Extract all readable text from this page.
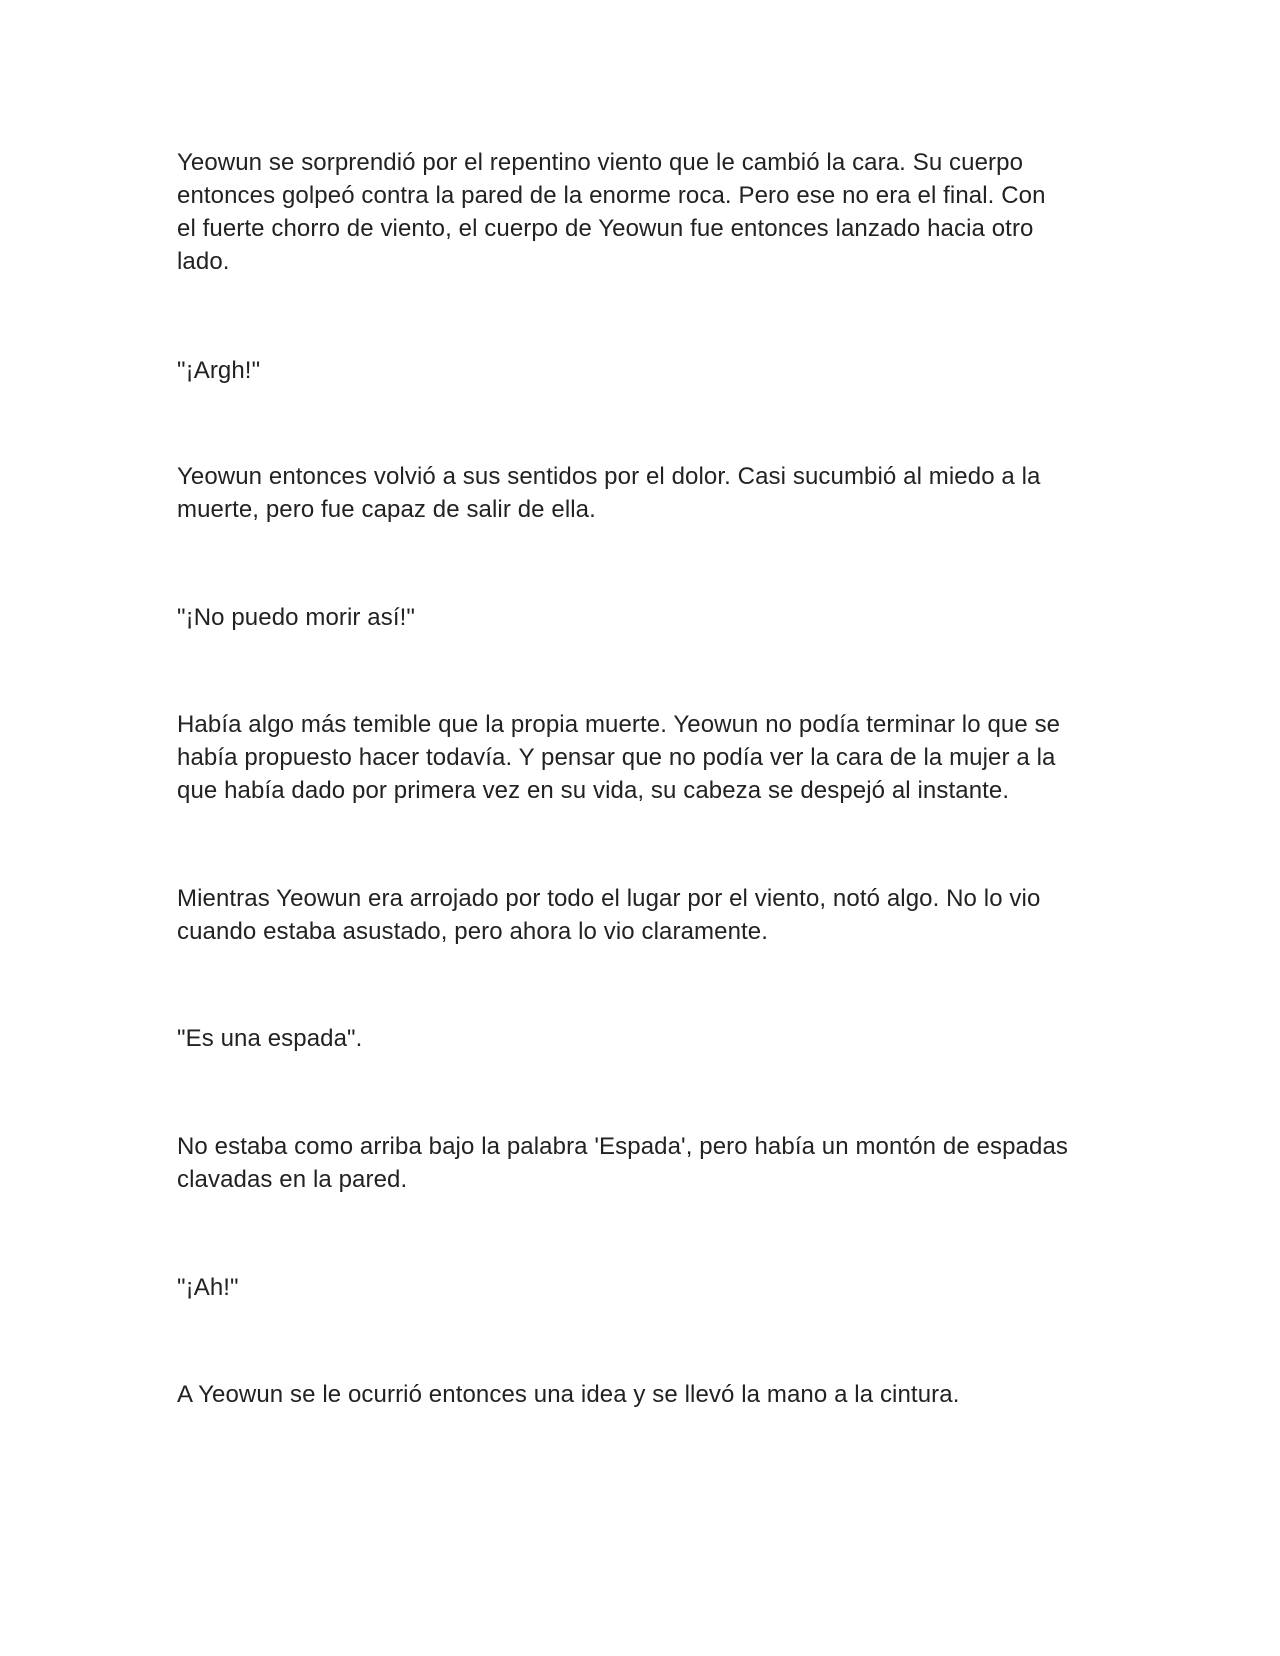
Yeowun se sorprendió por el repentino viento que le cambió la cara. Su cuerpo
entonces golpeó contra la pared de la enorme roca. Pero ese no era el final. Con
el fuerte chorro de viento, el cuerpo de Yeowun fue entonces lanzado hacia otro
lado.

"¡Argh!"

Yeowun entonces volvió a sus sentidos por el dolor. Casi sucumbió al miedo a la
muerte, pero fue capaz de salir de ella.

"¡No puedo morir así!"

Había algo más temible que la propia muerte. Yeowun no podía terminar lo que se
había propuesto hacer todavía. Y pensar que no podía ver la cara de la mujer a la
que había dado por primera vez en su vida, su cabeza se despejó al instante.

Mientras Yeowun era arrojado por todo el lugar por el viento, notó algo. No lo vio
cuando estaba asustado, pero ahora lo vio claramente.

"Es una espada".

No estaba como arriba bajo la palabra 'Espada', pero había un montón de espadas
clavadas en la pared.

"¡Ah!"

A Yeowun se le ocurrió entonces una idea y se llevó la mano a la cintura.
